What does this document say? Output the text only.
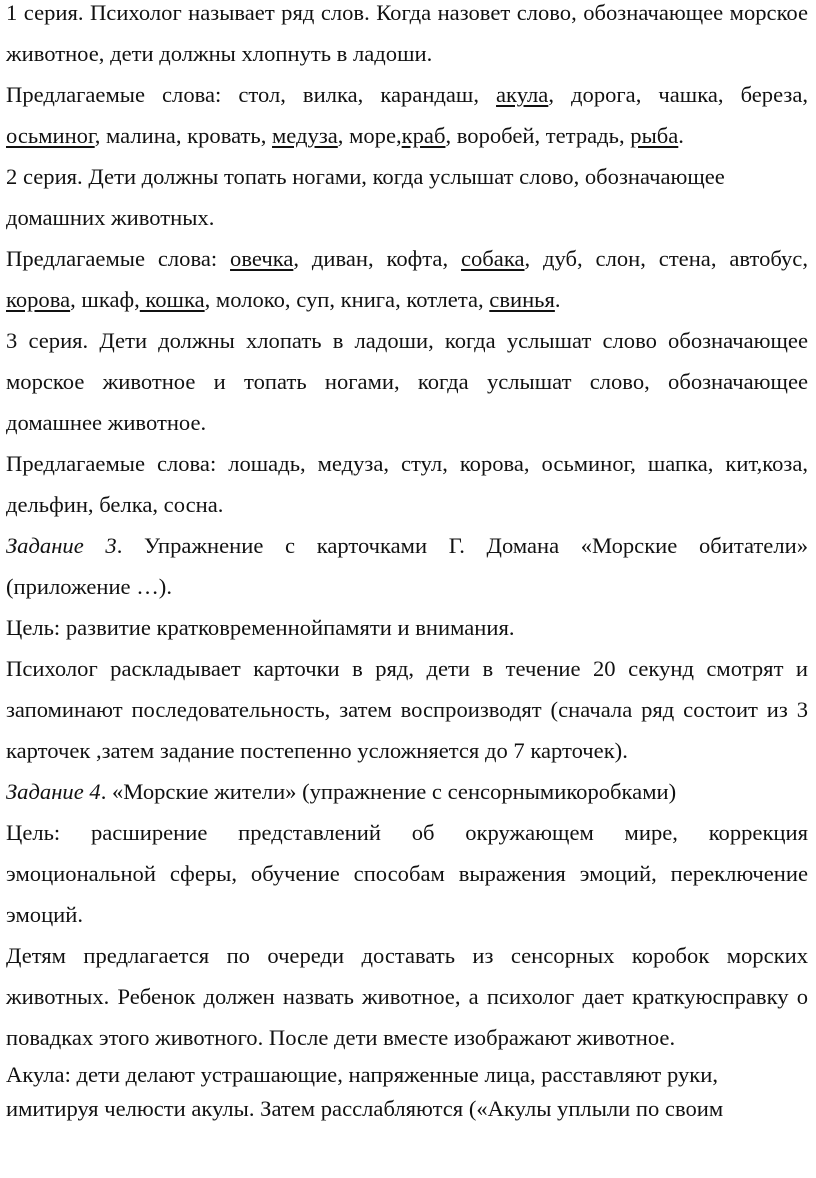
1 серия. Психолог называет ряд слов. Когда назовет слово, обозначающее морское животное, дети должны хлопнуть в ладоши.

Предлагаемые слова: стол, вилка, карандаш, акула, дорога, чашка, береза, осьминог, малина, кровать, медуза, море,краб, воробей, тетрадь, рыба.

2 серия. Дети должны топать ногами, когда услышат слово, обозначающее домашних животных.

Предлагаемые слова: овечка, диван, кофта, собака, дуб, слон, стена, автобус, корова, шкаф, кошка, молоко, суп, книга, котлета, свинья.

3 серия. Дети должны хлопать в ладоши, когда услышат слово обозначающее морское животное и топать ногами, когда услышат слово, обозначающее домашнее животное.

Предлагаемые слова: лошадь, медуза, стул, корова, осьминог, шапка, кит,коза, дельфин, белка, сосна.

Задание 3. Упражнение с карточками Г. Домана «Морские обитатели» (приложение …).

Цель: развитие кратковременнойпамяти и внимания.

Психолог раскладывает карточки в ряд, дети в течение 20 секунд смотрят и запоминают последовательность, затем воспроизводят (сначала ряд состоит из 3 карточек ,затем задание постепенно усложняется до 7 карточек).

Задание 4. «Морские жители» (упражнение с сенсорнымикоробками)

Цель: расширение представлений об окружающем мире, коррекция эмоциональной сферы, обучение способам выражения эмоций, переключение эмоций.

Детям предлагается по очереди доставать из сенсорных коробок морских животных. Ребенок должен назвать животное, а психолог дает краткуюсправку о повадках этого животного. После дети вместе изображают животное.

Акула: дети делают устрашающие, напряженные лица, расставляют руки, имитируя челюсти акулы. Затем расслабляются («Акулы уплыли по своим
